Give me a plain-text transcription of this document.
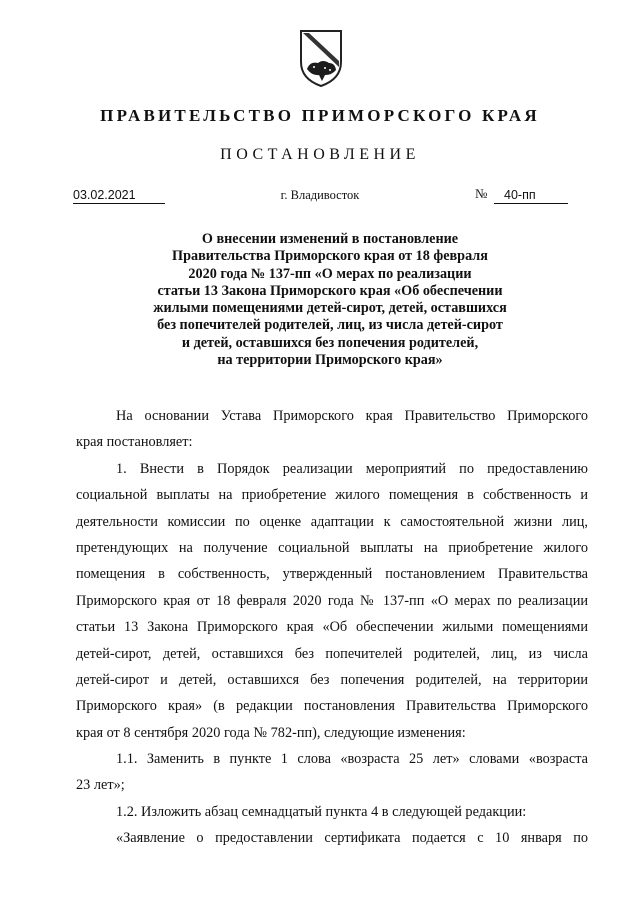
ПРАВИТЕЛЬСТВО ПРИМОРСКОГО КРАЯ
ПОСТАНОВЛЕНИЕ
03.02.2021	г. Владивосток	№	40-пп
О внесении изменений в постановление
Правительства Приморского края от 18 февраля
2020 года № 137-пп «О мерах по реализации
статьи 13 Закона Приморского края «Об обеспечении
жилыми помещениями детей-сирот, детей, оставшихся
без попечителей родителей, лиц, из числа детей-сирот
и детей, оставшихся без попечения родителей,
на территории Приморского края»
На основании Устава Приморского края Правительство Приморского
края постановляет:
1. Внести в Порядок реализации мероприятий по предоставлению
социальной выплаты на приобретение жилого помещения в собственность и
деятельности комиссии по оценке адаптации к самостоятельной жизни лиц,
претендующих на получение социальной выплаты на приобретение жилого
помещения в собственность, утвержденный постановлением Правительства
Приморского края от 18 февраля 2020 года № 137-пп «О мерах по реализации
статьи 13 Закона Приморского края «Об обеспечении жилыми помещениями
детей-сирот, детей, оставшихся без попечителей родителей, лиц, из числа
детей-сирот и детей, оставшихся без попечения родителей, на территории
Приморского края» (в редакции постановления Правительства Приморского
края от 8 сентября 2020 года № 782-пп), следующие изменения:
1.1. Заменить в пункте 1 слова «возраста 25 лет» словами «возраста
23 лет»;
1.2. Изложить абзац семнадцатый пункта 4 в следующей редакции:
«Заявление о предоставлении сертификата подается с 10 января по
